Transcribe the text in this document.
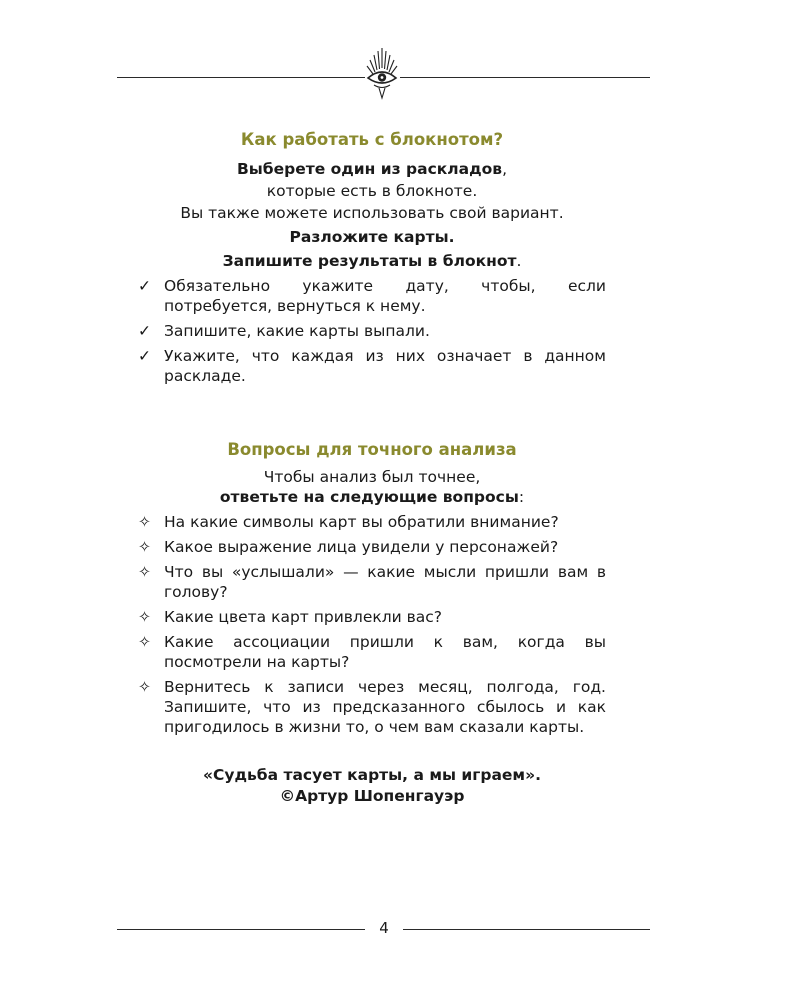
Как работать с блокнотом?

Выберете один из раскладов,

которые есть в блокноте.

Вы также можете использовать свой вариант.

Разложите карты.

Запишите результаты в блокнот.

✓ Обязательно укажите дату, чтобы, если потребуется, вернуться к нему.
✓ Запишите, какие карты выпали.
✓ Укажите, что каждая из них означает в данном раскладе.
Вопросы для точного анализа

Чтобы анализ был точнее,

ответьте на следующие вопросы:

✧ На какие символы карт вы обратили внимание?
✧ Какое выражение лица увидели у персонажей?
✧ Что вы «услышали» — какие мысли пришли вам в голову?
✧ Какие цвета карт привлекли вас?
✧ Какие ассоциации пришли к вам, когда вы посмотрели на карты?
✧ Вернитесь к записи через месяц, полгода, год. Запишите, что из предсказанного сбылось и как пригодилось в жизни то, о чем вам сказали карты.

«Судьба тасует карты, а мы играем».

©Артур Шопенгауэр

4
